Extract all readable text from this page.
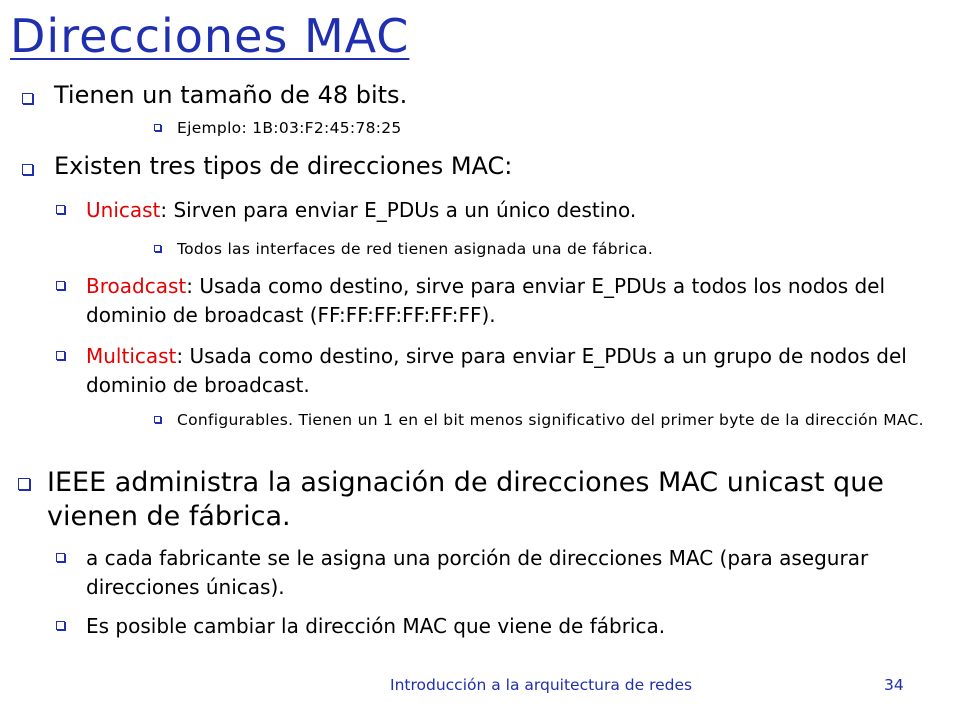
Direcciones MAC
Tienen un tamaño de 48 bits.
Ejemplo: 1B:03:F2:45:78:25
Existen tres tipos de direcciones MAC:
Unicast: Sirven para enviar E_PDUs a un único destino.
Todos las interfaces de red tienen asignada una de fábrica.
Broadcast: Usada como destino, sirve para enviar E_PDUs a todos los nodos del dominio de broadcast (FF:FF:FF:FF:FF:FF).
Multicast: Usada como destino, sirve para enviar E_PDUs a un grupo de nodos del dominio de broadcast.
Configurables. Tienen un 1 en el bit menos significativo del primer byte de la dirección MAC.
IEEE administra la asignación de direcciones MAC unicast que vienen de fábrica.
a cada fabricante se le asigna una porción de direcciones MAC (para asegurar direcciones únicas).
Es posible cambiar la dirección MAC que viene de fábrica.
Introducción a la arquitectura de redes	34
